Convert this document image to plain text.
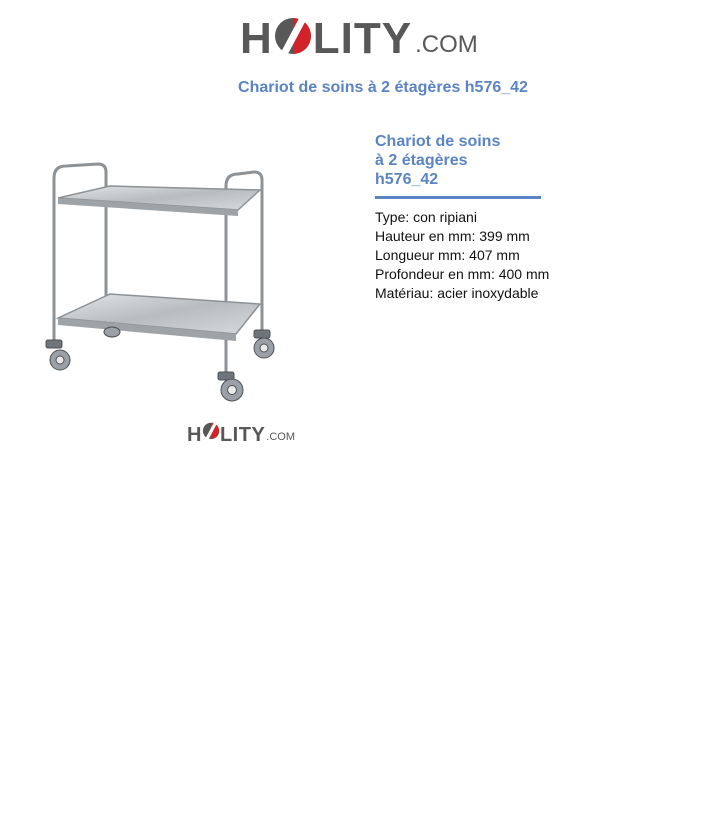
H LITY .COM
Chariot de soins à 2 étagères h576_42
H LITY .COM
Chariot de soins
à 2 étagères
h576_42
Type: con ripiani
Hauteur en mm: 399 mm
Longueur mm: 407 mm
Profondeur en mm: 400 mm
Matériau: acier inoxydable
